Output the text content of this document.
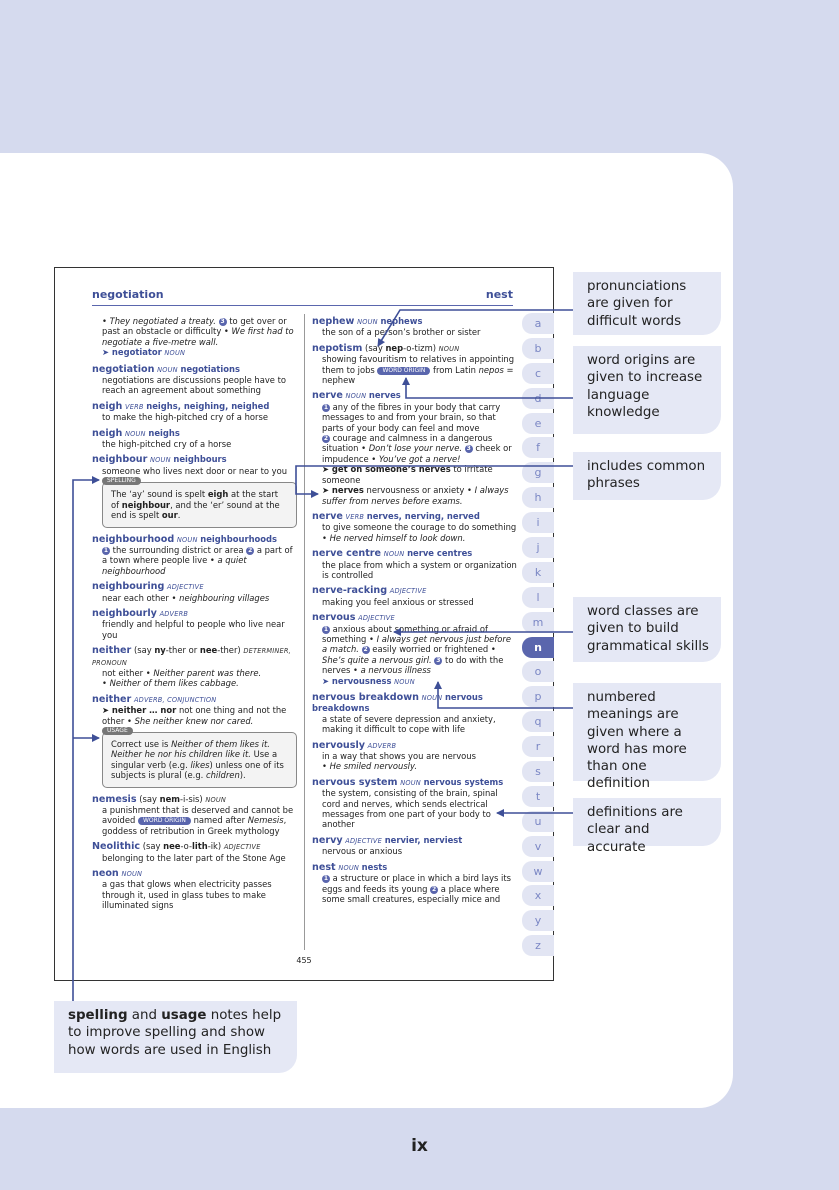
negotiation	nest
• They negotiated a treaty. 3 to get over or past an obstacle or difficulty • We first had to negotiate a five-metre wall.
➤ negotiator NOUN
negotiation NOUN negotiations
negotiations are discussions people have to reach an agreement about something
neigh VERB neighs, neighing, neighed
to make the high-pitched cry of a horse
neigh NOUN neighs
the high-pitched cry of a horse
neighbour NOUN neighbours
someone who lives next door or near to you
SPELLING
The ‘ay’ sound is spelt eigh at the start of neighbour, and the ‘er’ sound at the end is spelt our.
neighbourhood NOUN neighbourhoods
1 the surrounding district or area 2 a part of a town where people live • a quiet neighbourhood
neighbouring ADJECTIVE
near each other • neighbouring villages
neighbourly ADVERB
friendly and helpful to people who live near you
neither (say ny-ther or nee-ther) DETERMINER, PRONOUN
not either • Neither parent was there.
• Neither of them likes cabbage.
neither ADVERB, CONJUNCTION
➤ neither … nor not one thing and not the other • She neither knew nor cared.
USAGE
Correct use is Neither of them likes it. Neither he nor his children like it. Use a singular verb (e.g. likes) unless one of its subjects is plural (e.g. children).
nemesis (say nem-i-sis) NOUN
a punishment that is deserved and cannot be avoided WORD ORIGIN named after Nemesis, goddess of retribution in Greek mythology
Neolithic (say nee-o-lith-ik) ADJECTIVE
belonging to the later part of the Stone Age
neon NOUN
a gas that glows when electricity passes through it, used in glass tubes to make illuminated signs
nephew NOUN nephews
the son of a person’s brother or sister
nepotism (say nep-o-tizm) NOUN
showing favouritism to relatives in appointing them to jobs WORD ORIGIN from Latin nepos = nephew
nerve NOUN nerves
1 any of the fibres in your body that carry messages to and from your brain, so that parts of your body can feel and move
2 courage and calmness in a dangerous situation • Don’t lose your nerve. 3 cheek or impudence • You’ve got a nerve!
➤ get on someone’s nerves to irritate someone
➤ nerves nervousness or anxiety • I always suffer from nerves before exams.
nerve VERB nerves, nerving, nerved
to give someone the courage to do something • He nerved himself to look down.
nerve centre NOUN nerve centres
the place from which a system or organization is controlled
nerve-racking ADJECTIVE
making you feel anxious or stressed
nervous ADJECTIVE
1 anxious about something or afraid of something • I always get nervous just before a match. 2 easily worried or frightened • She’s quite a nervous girl. 3 to do with the nerves • a nervous illness
➤ nervousness NOUN
nervous breakdown NOUN nervous breakdowns
a state of severe depression and anxiety, making it difficult to cope with life
nervously ADVERB
in a way that shows you are nervous
• He smiled nervously.
nervous system NOUN nervous systems
the system, consisting of the brain, spinal cord and nerves, which sends electrical messages from one part of your body to another
nervy ADJECTIVE nervier, nerviest
nervous or anxious
nest NOUN nests
1 a structure or place in which a bird lays its eggs and feeds its young 2 a place where some small creatures, especially mice and
a
b
c
d
e
f
g
h
i
j
k
l
m
n
o
p
q
r
s
t
u
v
w
x
y
z
455
pronunciations are given for difficult words
word origins are given to increase language knowledge
includes common phrases
word classes are given to build grammatical skills
numbered meanings are given where a word has more than one definition
definitions are clear and accurate
spelling and usage notes help to improve spelling and show how words are used in English
ix
